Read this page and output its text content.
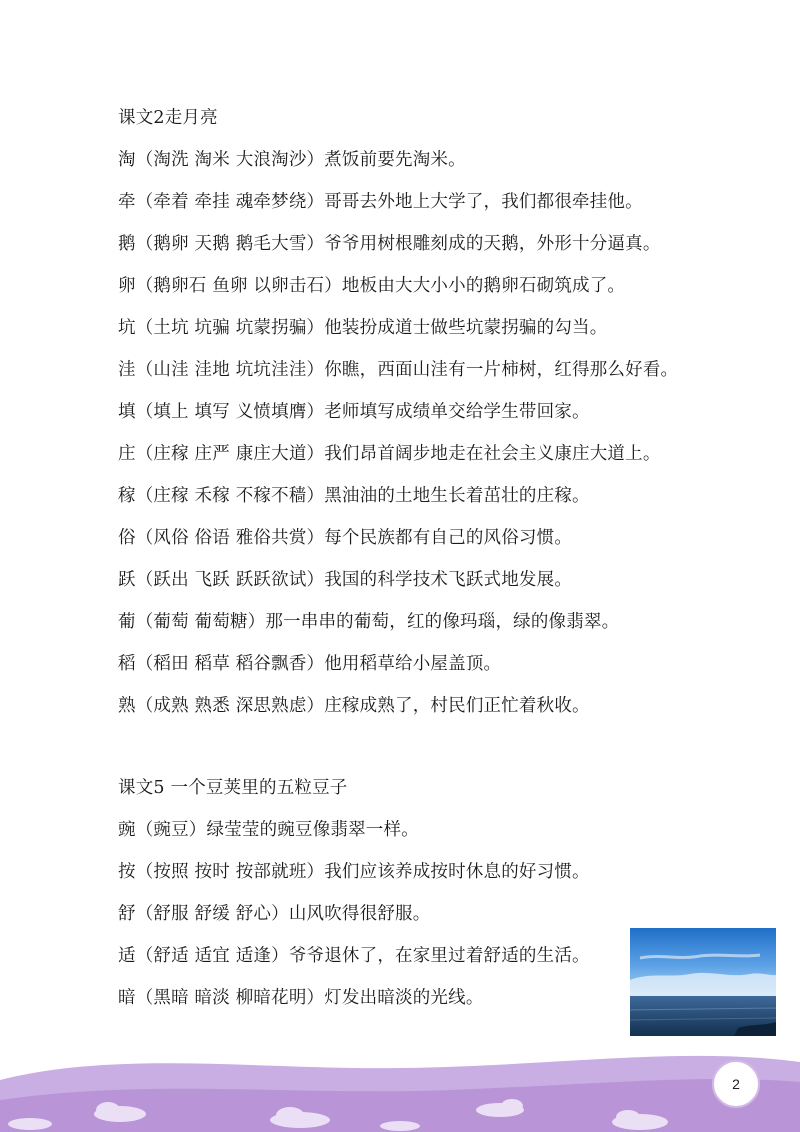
课文2走月亮
淘（淘洗 淘米 大浪淘沙）煮饭前要先淘米。
牵（牵着 牵挂 魂牵梦绕）哥哥去外地上大学了，我们都很牵挂他。
鹅（鹅卵 天鹅 鹅毛大雪）爷爷用树根雕刻成的天鹅，外形十分逼真。
卵（鹅卵石 鱼卵 以卵击石）地板由大大小小的鹅卵石砌筑成了。
坑（土坑 坑骗 坑蒙拐骗）他装扮成道士做些坑蒙拐骗的勾当。
洼（山洼 洼地 坑坑洼洼）你瞧，西面山洼有一片柿树，红得那么好看。
填（填上 填写 义愤填膺）老师填写成绩单交给学生带回家。
庄（庄稼 庄严 康庄大道）我们昂首阔步地走在社会主义康庄大道上。
稼（庄稼 禾稼 不稼不穑）黑油油的土地生长着茁壮的庄稼。
俗（风俗 俗语 雅俗共赏）每个民族都有自己的风俗习惯。
跃（跃出 飞跃 跃跃欲试）我国的科学技术飞跃式地发展。
葡（葡萄 葡萄糖）那一串串的葡萄，红的像玛瑙，绿的像翡翠。
稻（稻田 稻草 稻谷飘香）他用稻草给小屋盖顶。
熟（成熟 熟悉 深思熟虑）庄稼成熟了，村民们正忙着秋收。
课文5 一个豆荚里的五粒豆子
豌（豌豆）绿莹莹的豌豆像翡翠一样。
按（按照 按时 按部就班）我们应该养成按时休息的好习惯。
舒（舒服 舒缓 舒心）山风吹得很舒服。
适（舒适 适宜 适逢）爷爷退休了，在家里过着舒适的生活。
暗（黑暗 暗淡 柳暗花明）灯发出暗淡的光线。
2
